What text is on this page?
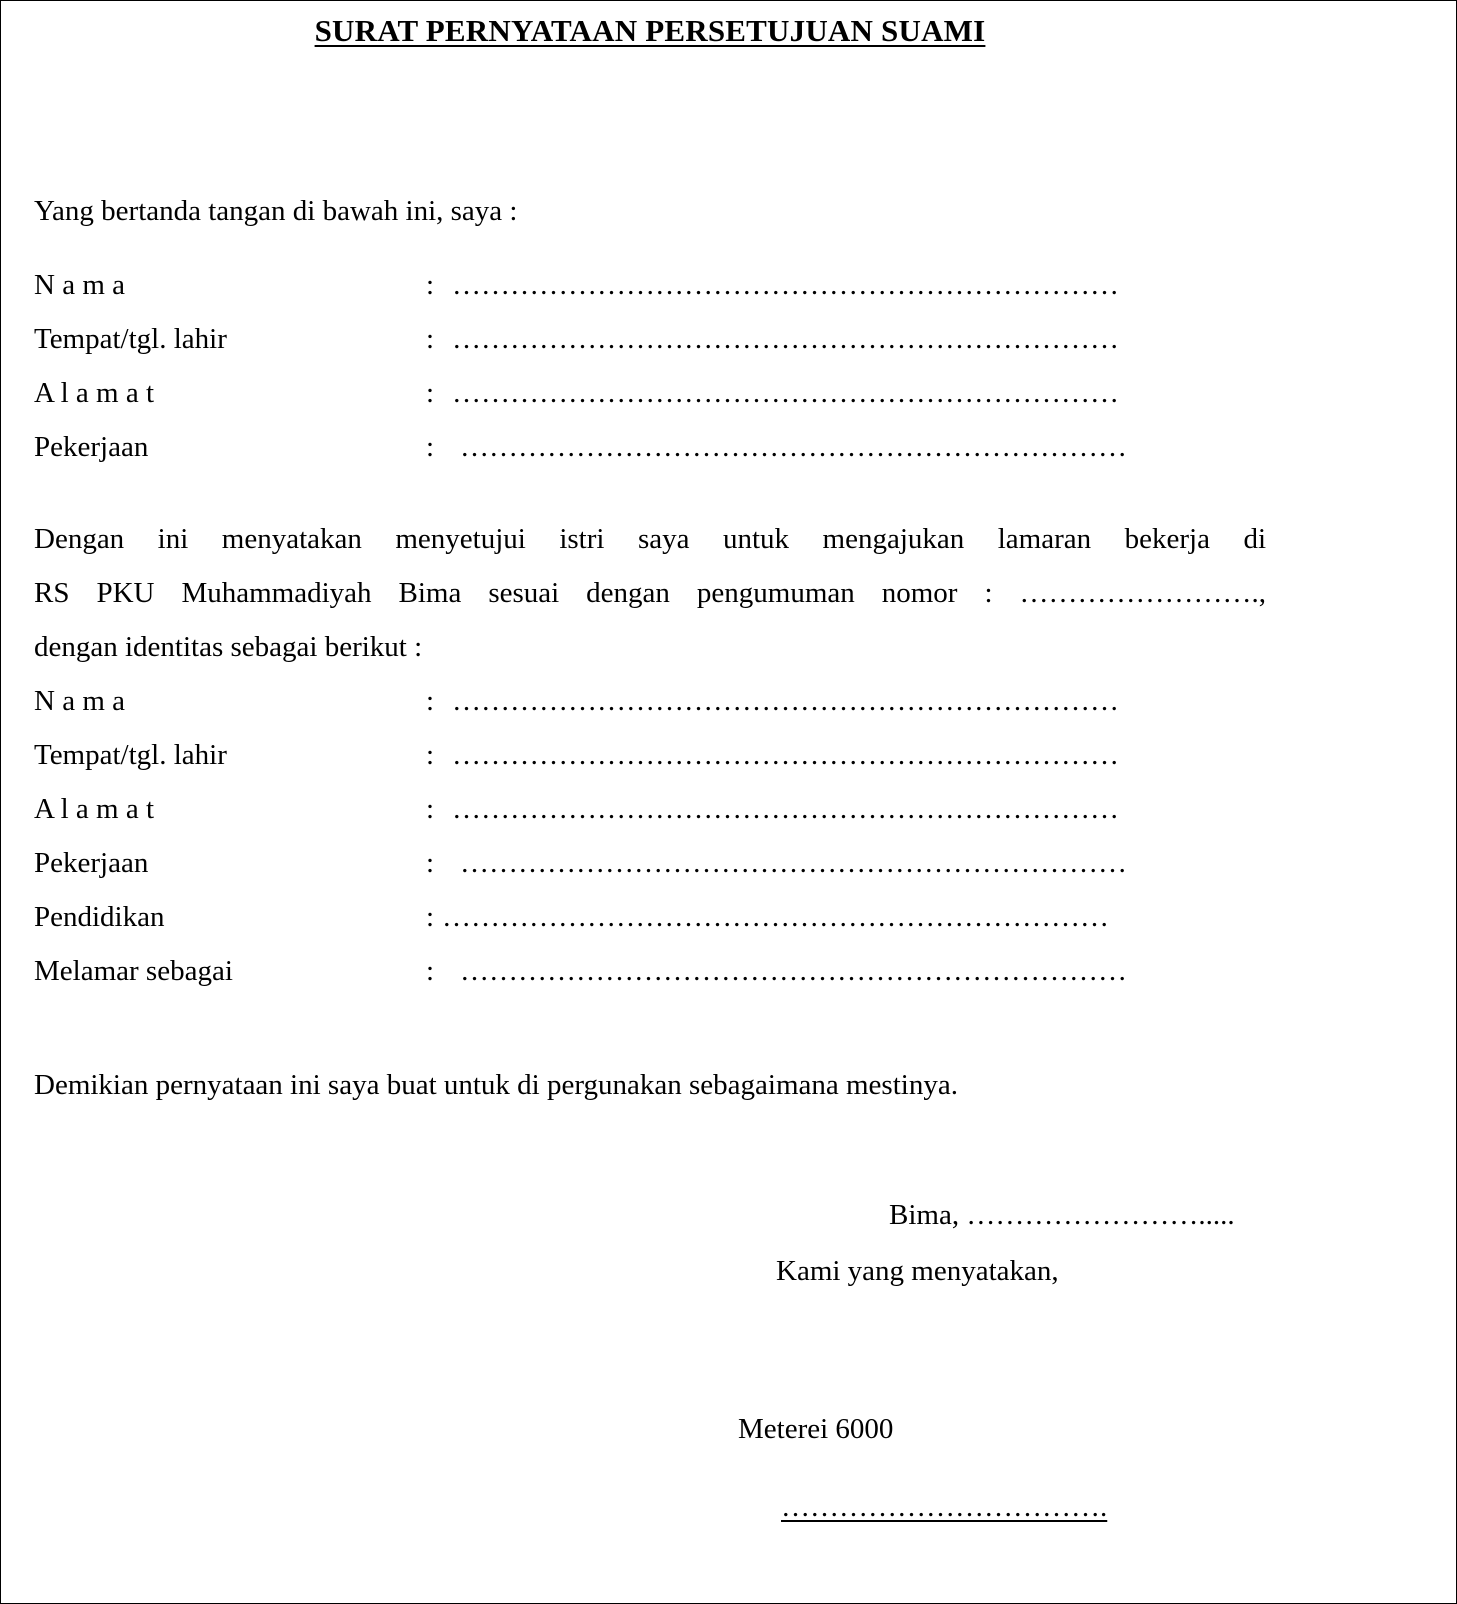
SURAT PERNYATAAN PERSETUJUAN SUAMI
Yang bertanda tangan di bawah ini, saya :
N a m a	: ……………………………………………………………
Tempat/tgl. lahir	: ……………………………………………………………
A l a m a t	: ……………………………………………………………
Pekerjaan	: ……………………………………………………………
Dengan ini menyatakan menyetujui istri saya untuk mengajukan lamaran bekerja di
RS PKU Muhammadiyah Bima sesuai dengan pengumuman nomor : …………………….,
dengan identitas sebagai berikut :
N a m a	: ……………………………………………………………
Tempat/tgl. lahir	: ……………………………………………………………
A l a m a t	: ……………………………………………………………
Pekerjaan	: ……………………………………………………………
Pendidikan	: ……………………………………………………………
Melamar sebagai	: ……………………………………………………………
Demikian pernyataan ini saya buat untuk di pergunakan sebagaimana mestinya.
Bima, …………………….....
Kami yang menyatakan,
Meterei 6000
…………………………….
